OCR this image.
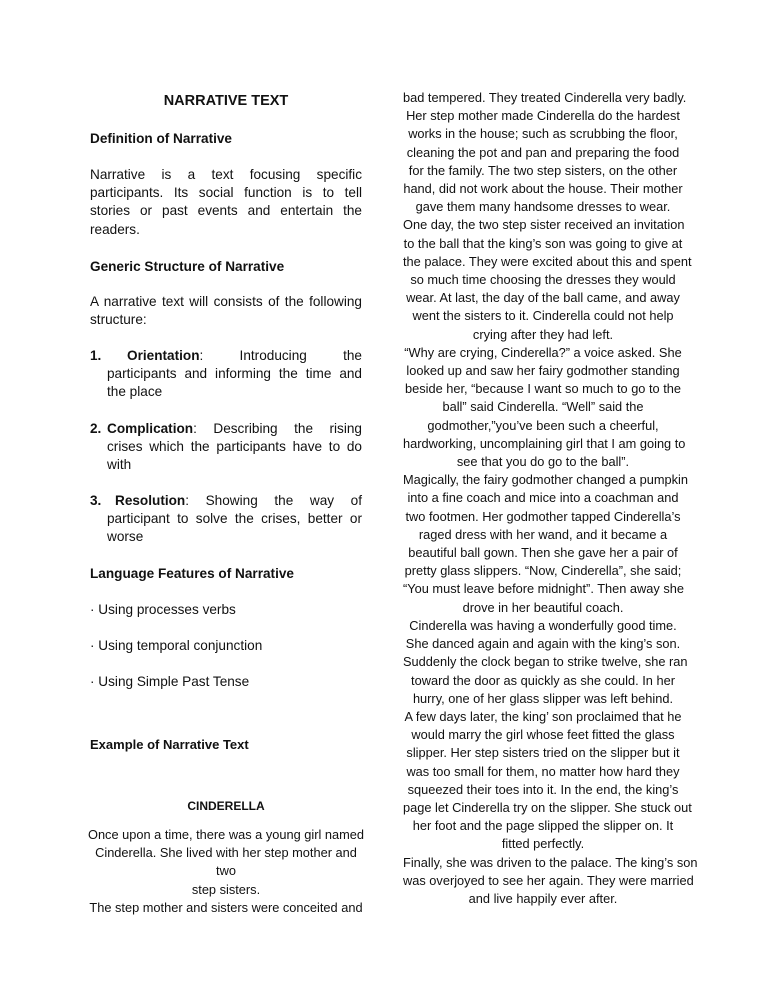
NARRATIVE TEXT
Definition of Narrative
Narrative is a text focusing specific participants. Its social function is to tell stories or past events and entertain the readers.
Generic Structure of Narrative
A narrative text will consists of the following structure:
1.	Orientation: Introducing the participants and informing the time and the place
2. Complication: Describing the rising crises which the participants have to do with
3.	Resolution: Showing the way of participant to solve the crises, better or worse
Language Features of Narrative
· Using processes verbs
· Using temporal conjunction
· Using Simple Past Tense
Example of Narrative Text
CINDERELLA
Once upon a time, there was a young girl named
Cinderella. She lived with her step mother and two
step sisters.
The step mother and sisters were conceited and
bad tempered. They treated Cinderella very badly.
Her step mother made Cinderella do the hardest
works in the house; such as scrubbing the floor,
cleaning the pot and pan and preparing the food
for the family. The two step sisters, on the other
hand, did not work about the house. Their mother
gave them many handsome dresses to wear.
One day, the two step sister received an invitation
to the ball that the king’s son was going to give at
the palace. They were excited about this and spent
so much time choosing the dresses they would
wear. At last, the day of the ball came, and away
went the sisters to it. Cinderella could not help
crying after they had left.
“Why are crying, Cinderella?” a voice asked. She
looked up and saw her fairy godmother standing
beside her, “because I want so much to go to the
ball” said Cinderella. “Well” said the
godmother,”you’ve been such a cheerful,
hardworking, uncomplaining girl that I am going to
see that you do go to the ball”.
Magically, the fairy godmother changed a pumpkin
into a fine coach and mice into a coachman and
two footmen. Her godmother tapped Cinderella’s
raged dress with her wand, and it became a
beautiful ball gown. Then she gave her a pair of
pretty glass slippers. “Now, Cinderella”, she said;
“You must leave before midnight”. Then away she
drove in her beautiful coach.
Cinderella was having a wonderfully good time.
She danced again and again with the king’s son.
Suddenly the clock began to strike twelve, she ran
toward the door as quickly as she could. In her
hurry, one of her glass slipper was left behind.
A few days later, the king’ son proclaimed that he
would marry the girl whose feet fitted the glass
slipper. Her step sisters tried on the slipper but it
was too small for them, no matter how hard they
squeezed their toes into it. In the end, the king’s
page let Cinderella try on the slipper. She stuck out
her foot and the page slipped the slipper on. It
fitted perfectly.
Finally, she was driven to the palace. The king’s son
was overjoyed to see her again. They were married
and live happily ever after.
